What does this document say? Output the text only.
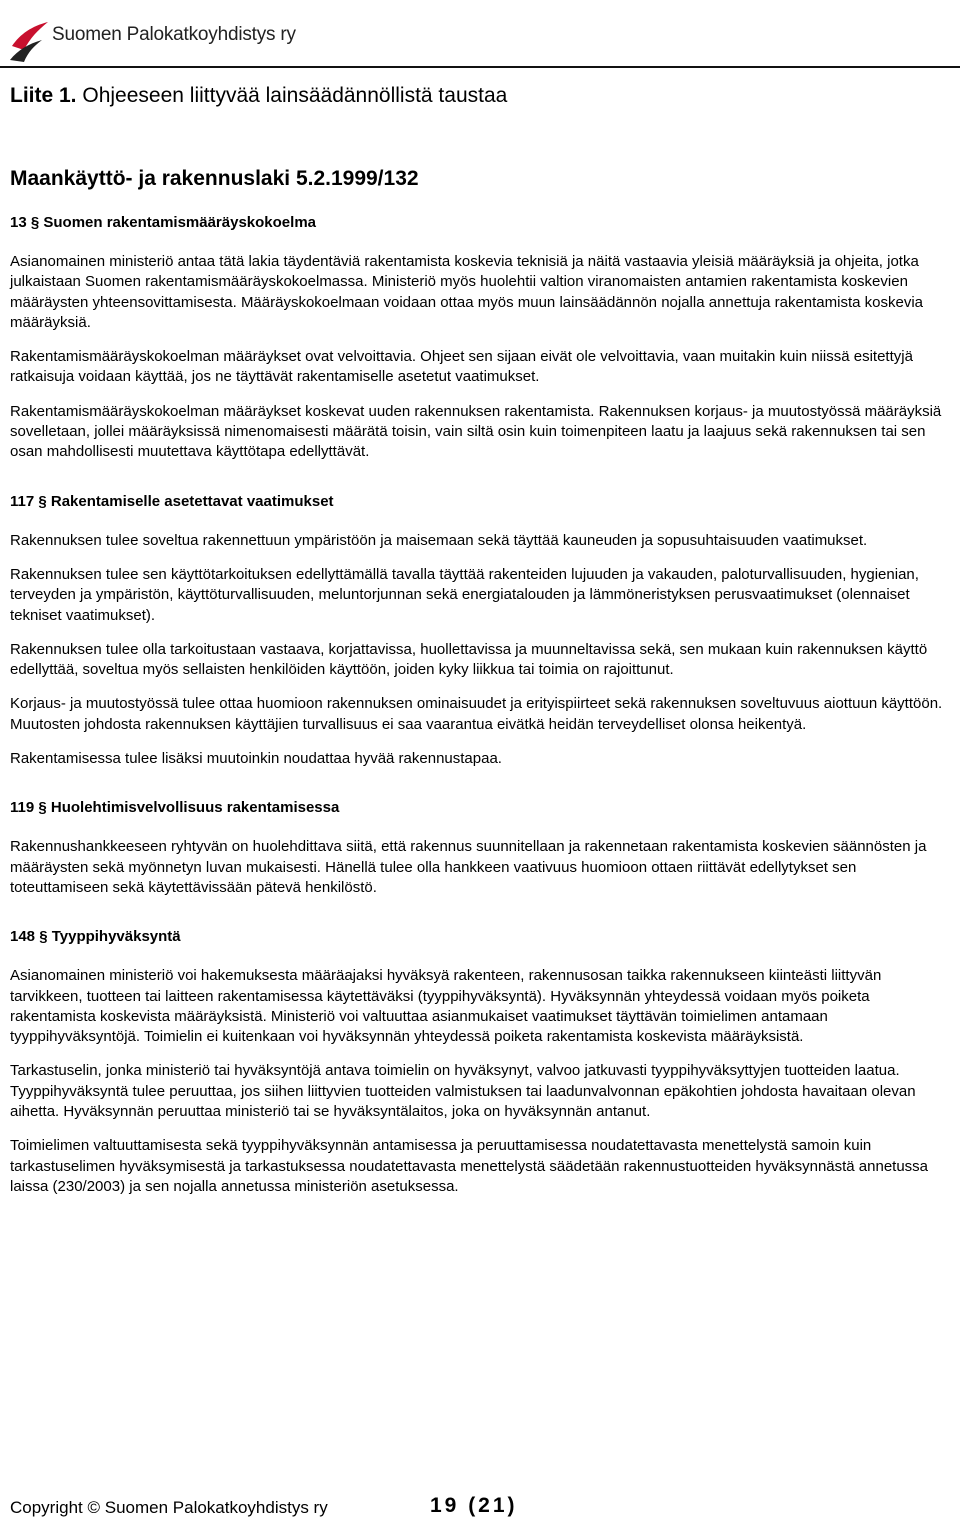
Suomen Palokatkoyhdistys ry
Liite 1. Ohjeeseen liittyvää lainsäädännöllistä taustaa
Maankäyttö- ja rakennuslaki 5.2.1999/132
13 § Suomen rakentamismääräyskokoelma

Asianomainen ministeriö antaa tätä lakia täydentäviä rakentamista koskevia teknisiä ja näitä vastaavia yleisiä määräyksiä ja ohjeita, jotka julkaistaan Suomen rakentamismääräyskokoelmassa. Ministeriö myös huolehtii valtion viranomaisten antamien rakentamista koskevien määräysten yhteensovittamisesta. Määräyskokoelmaan voidaan ottaa myös muun lainsäädännön nojalla annettuja rakentamista koskevia määräyksiä.

Rakentamismääräyskokoelman määräykset ovat velvoittavia. Ohjeet sen sijaan eivät ole velvoittavia, vaan muitakin kuin niissä esitettyjä ratkaisuja voidaan käyttää, jos ne täyttävät rakentamiselle asetetut vaatimukset.

Rakentamismääräyskokoelman määräykset koskevat uuden rakennuksen rakentamista. Rakennuksen korjaus- ja muutostyössä määräyksiä sovelletaan, jollei määräyksissä nimenomaisesti määrätä toisin, vain siltä osin kuin toimenpiteen laatu ja laajuus sekä rakennuksen tai sen osan mahdollisesti muutettava käyttötapa edellyttävät.

117 § Rakentamiselle asetettavat vaatimukset

Rakennuksen tulee soveltua rakennettuun ympäristöön ja maisemaan sekä täyttää kauneuden ja sopusuhtaisuuden vaatimukset.

Rakennuksen tulee sen käyttötarkoituksen edellyttämällä tavalla täyttää rakenteiden lujuuden ja vakauden, paloturvallisuuden, hygienian, terveyden ja ympäristön, käyttöturvallisuuden, meluntorjunnan sekä energiatalouden ja lämmöneristyksen perusvaatimukset (olennaiset tekniset vaatimukset).

Rakennuksen tulee olla tarkoitustaan vastaava, korjattavissa, huollettavissa ja muunneltavissa sekä, sen mukaan kuin rakennuksen käyttö edellyttää, soveltua myös sellaisten henkilöiden käyttöön, joiden kyky liikkua tai toimia on rajoittunut.

Korjaus- ja muutostyössä tulee ottaa huomioon rakennuksen ominaisuudet ja erityispiirteet sekä rakennuksen soveltuvuus aiottuun käyttöön. Muutosten johdosta rakennuksen käyttäjien turvallisuus ei saa vaarantua eivätkä heidän terveydelliset olonsa heikentyä.

Rakentamisessa tulee lisäksi muutoinkin noudattaa hyvää rakennustapaa.

119 § Huolehtimisvelvollisuus rakentamisessa

Rakennushankkeeseen ryhtyvän on huolehdittava siitä, että rakennus suunnitellaan ja rakennetaan rakentamista koskevien säännösten ja määräysten sekä myönnetyn luvan mukaisesti. Hänellä tulee olla hankkeen vaativuus huomioon ottaen riittävät edellytykset sen toteuttamiseen sekä käytettävissään pätevä henkilöstö.

148 § Tyyppihyväksyntä

Asianomainen ministeriö voi hakemuksesta määräajaksi hyväksyä rakenteen, rakennusosan taikka rakennukseen kiinteästi liittyvän tarvikkeen, tuotteen tai laitteen rakentamisessa käytettäväksi (tyyppihyväksyntä). Hyväksynnän yhteydessä voidaan myös poiketa rakentamista koskevista määräyksistä. Ministeriö voi valtuuttaa asianmukaiset vaatimukset täyttävän toimielimen antamaan tyyppihyväksyntöjä. Toimielin ei kuitenkaan voi hyväksynnän yhteydessä poiketa rakentamista koskevista määräyksistä.

Tarkastuselin, jonka ministeriö tai hyväksyntöjä antava toimielin on hyväksynyt, valvoo jatkuvasti tyyppihyväksyttyjen tuotteiden laatua. Tyyppihyväksyntä tulee peruuttaa, jos siihen liittyvien tuotteiden valmistuksen tai laadunvalvonnan epäkohtien johdosta havaitaan olevan aihetta. Hyväksynnän peruuttaa ministeriö tai se hyväksyntälaitos, joka on hyväksynnän antanut.

Toimielimen valtuuttamisesta sekä tyyppihyväksynnän antamisessa ja peruuttamisessa noudatettavasta menettelystä samoin kuin tarkastuselimen hyväksymisestä ja tarkastuksessa noudatettavasta menettelystä säädetään rakennustuotteiden hyväksynnästä annetussa laissa (230/2003) ja sen nojalla annetussa ministeriön asetuksessa.

Copyright © Suomen Palokatkoyhdistys ry	19 (21)
